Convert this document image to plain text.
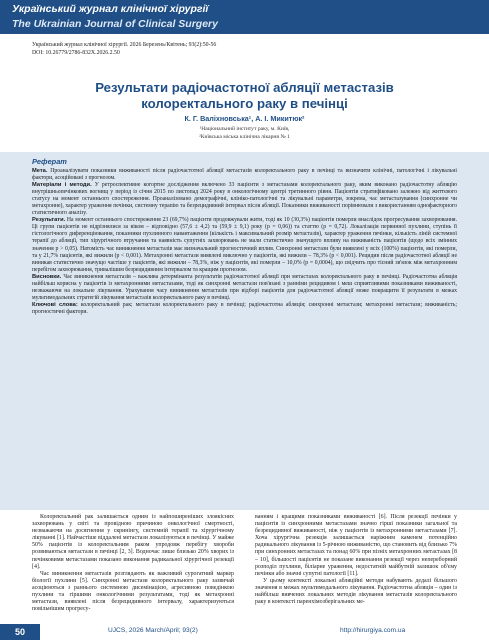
Український журнал клінічної хірургії
The Ukrainian Journal of Clinical Surgery
Український журнал клінічної хірургії. 2026 Березень/Квітень; 93(2):50-56
DOI: 10.26779/2786-832X.2026.2.50
Результати радіочастотної абляції метастазів
колоректального раку в печінці
К. Г. Валіхновська¹, А. І. Микитюк²
¹Національний інститут раку, м. Київ,
²Київська міська клінічна лікарня № 1
Реферат

Мета. Проаналізувати показники виживаності після радіочастотної абляції метастазів колоректального раку в печінці та визначити клінічні, патологічні і лікувальні фактори, асоційовані з прогнозом.

Матеріали і методи. У ретроспективне когортне дослідження включено 33 пацієнти з метастазами колоректального раку, яким виконано радіочастотну абляцію внутрішньопечінкових вогнищ у період із січня 2015 по листопад 2024 року в онкологічному центрі третинного рівня. Пацієнтів стратифіковано залежно від життєвого статусу на момент останнього спостереження. Проаналізовано демографічні, клініко-патологічні та лікувальні параметри, зокрема, час метастазування (синхронне чи метахронне), характер ураження печінки, системну терапію та безрецидивний інтервал після абляції. Показники виживаності порівнювали з використанням однофакторного статистичного аналізу.

Результати. На момент останнього спостереження 23 (69,7%) пацієнти продовжували жити, тоді як 10 (30,3%) пацієнтів померли внаслідок прогресування захворювання. Ці групи пацієнтів не відрізнялися за віком – відповідно (57,6 ± 4,2) та (59,9 ± 9,1) року (p = 0,06)) та статтю (p = 0,72). Локалізація первинної пухлини, ступінь її гістологічного диференціювання, показники пухлинного навантаження (кількість і максимальний розмір метастазів), характер ураження печінки, кількість ліній системної терапії до абляції, тип хірургічного втручання та наявність супутніх захворювань не мали статистично значущого впливу на виживаність пацієнтів (щодо всіх змінних значення p > 0,05). Натомість час виникнення метастазів має визначальний прогностичний вплив. Синхронні метастази були виявлені у всіх (100%) пацієнтів, які померли, та у 21,7% пацієнтів, які вижили (p < 0,001). Метахронні метастази виявлені виключно у пацієнтів, які вижили – 78,3% (p < 0,001). Рецидив після радіочастотної абляції не виникав статистично значущо частіше у пацієнтів, які вижили – 78,3%, ніж у пацієнтів, які померли – 10,0% (p = 0,0004), що свідчить про тісний зв'язок між метахронним перебігом захворювання, тривалішим безрецидивним інтервалом та кращим прогнозом.

Висновки. Час виникнення метастазів – важлива детермінанта результатів радіочастотної абляції при метастазах колоректального раку в печінці. Радіочастотна абляція найбільш корисна у пацієнтів із метахронними метастазами, тоді як синхронні метастази пов'язані з ранніми рецидивом і меш сприятливими показниками виживаності, незважаючи на локальне лікування. Урахування часу виникнення метастазів при відборі пацієнтів для радіочастотної абляції може покращити її результати в межах мультимодальних стратегій лікування метастазів колоректального раку в печінці.

Ключові слова: колоректальний рак; метастази колоректального раку в печінці; радіочастотна абляція; синхронні метастази; метахронні метастази; виживаність; прогностичні фактори.

Колоректальний рак залишається одним із найпоширеніших злоякісних захворювань у світі та провідною причиною онкологічної смертності, незважаючи на досягнення у скринінгу, системній терапії та хірургічному лікуванні [1]. Найчастіше віддалені метастази локалізуються в печінці. У майже 50% пацієнтів із колоректальним раком упродовж перебігу хвороби розвиваються метастази в печінці [2, 3]. Водночас лише близько 20% хворих із печінковими метастазами показано виконання радикальної хірургічної резекції [4].

Час виникнення метастазів розглядають як важливий сурогатний маркер біології пухлини [5]. Синхронні метастази колоректального раку зазвичай асоціюються з раннього системною дисемінацією, агресивною поведінкою пухлини та гіршими онкологічними результатами, тоді як метахронні метастази, виявлені після безрецидивного інтервалу, характеризуються повільнішим прогресу-

ванням і кращими показниками виживаності [6]. Після резекції печінки у пацієнтів із синхронними метастазами значно гірші показники загальної та безрецидивної виживаності, ніж у пацієнтів із метахронними метастазами [7]. Хоча хірургічна резекція залишається наріжним каменем потенційно радикального лікування із 5-річною виживаністю, що становить від близько 7% при синхронних метастазах та понад 60% при пізніх метахронних метастазах [8 – 10], більшості пацієнтів не показане виконання резекції через непереборний розподіл пухлини, біліарне ураження, недостатній майбутній залишок об'єму печінки або значні супутні патології [11].

У цьому контексті локальні абляційні методи набувають дедалі більшого значення в межах мультимодального лікування. Радіочастотна абляція – один із найбільш вивчених локальних методів лікування метастазів колоректального раку в контексті паренхімозберігальних ме-

50	UJCS, 2026 March/April; 93(2)	http://hirurgiya.com.ua
